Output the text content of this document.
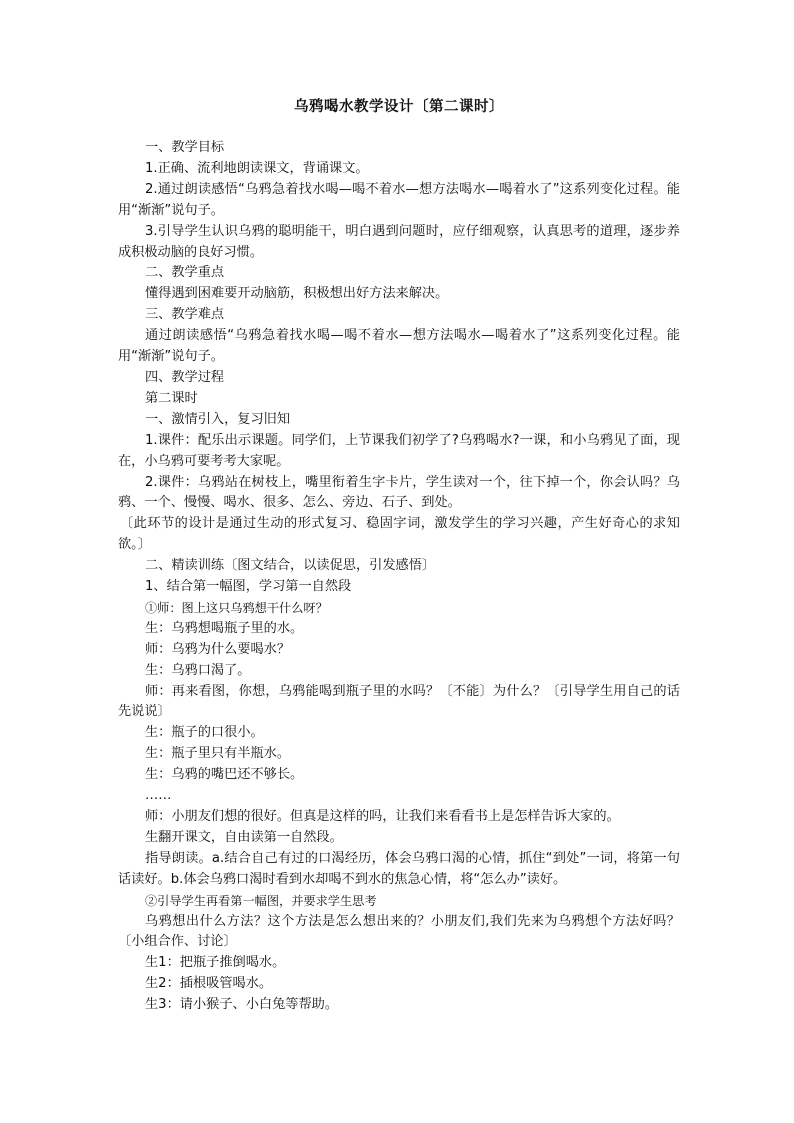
乌鸦喝水教学设计〔第二课时〕

一、教学目标

1.正确、流利地朗读课文，背诵课文。

2.通过朗读感悟“乌鸦急着找水喝—喝不着水—想方法喝水—喝着水了”这系列变化过程。能用“渐渐”说句子。

3.引导学生认识乌鸦的聪明能干，明白遇到问题时，应仔细观察，认真思考的道理，逐步养成积极动脑的良好习惯。

二、教学重点

懂得遇到困难要开动脑筋，积极想出好方法来解决。

三、教学难点

通过朗读感悟“乌鸦急着找水喝—喝不着水—想方法喝水—喝着水了”这系列变化过程。能用“渐渐”说句子。

四、教学过程

第二课时

一、激情引入，复习旧知

1.课件：配乐出示课题。同学们，上节课我们初学了?乌鸦喝水?一课，和小乌鸦见了面，现在，小乌鸦可要考考大家呢。

2.课件：乌鸦站在树枝上，嘴里衔着生字卡片，学生读对一个，往下掉一个，你会认吗？乌鸦、一个、慢慢、喝水、很多、怎么、旁边、石子、到处。

〔此环节的设计是通过生动的形式复习、稳固字词，激发学生的学习兴趣，产生好奇心的求知欲。〕

二、精读训练〔图文结合，以读促思，引发感悟〕

1、结合第一幅图，学习第一自然段

①师：图上这只乌鸦想干什么呀？

生：乌鸦想喝瓶子里的水。

师：乌鸦为什么要喝水？

生：乌鸦口渴了。

师：再来看图，你想，乌鸦能喝到瓶子里的水吗？〔不能〕为什么？〔引导学生用自己的话先说说〕

生：瓶子的口很小。

生：瓶子里只有半瓶水。

生：乌鸦的嘴巴还不够长。

……

师：小朋友们想的很好。但真是这样的吗，让我们来看看书上是怎样告诉大家的。

生翻开课文，自由读第一自然段。

指导朗读。a.结合自己有过的口渴经历，体会乌鸦口渴的心情，抓住“到处”一词，将第一句话读好。b.体会乌鸦口渴时看到水却喝不到水的焦急心情，将“怎么办”读好。

②引导学生再看第一幅图，并要求学生思考

乌鸦想出什么方法？这个方法是怎么想出来的？小朋友们,我们先来为乌鸦想个方法好吗？〔小组合作、讨论〕

生1：把瓶子推倒喝水。

生2：插根吸管喝水。

生3：请小猴子、小白兔等帮助。
